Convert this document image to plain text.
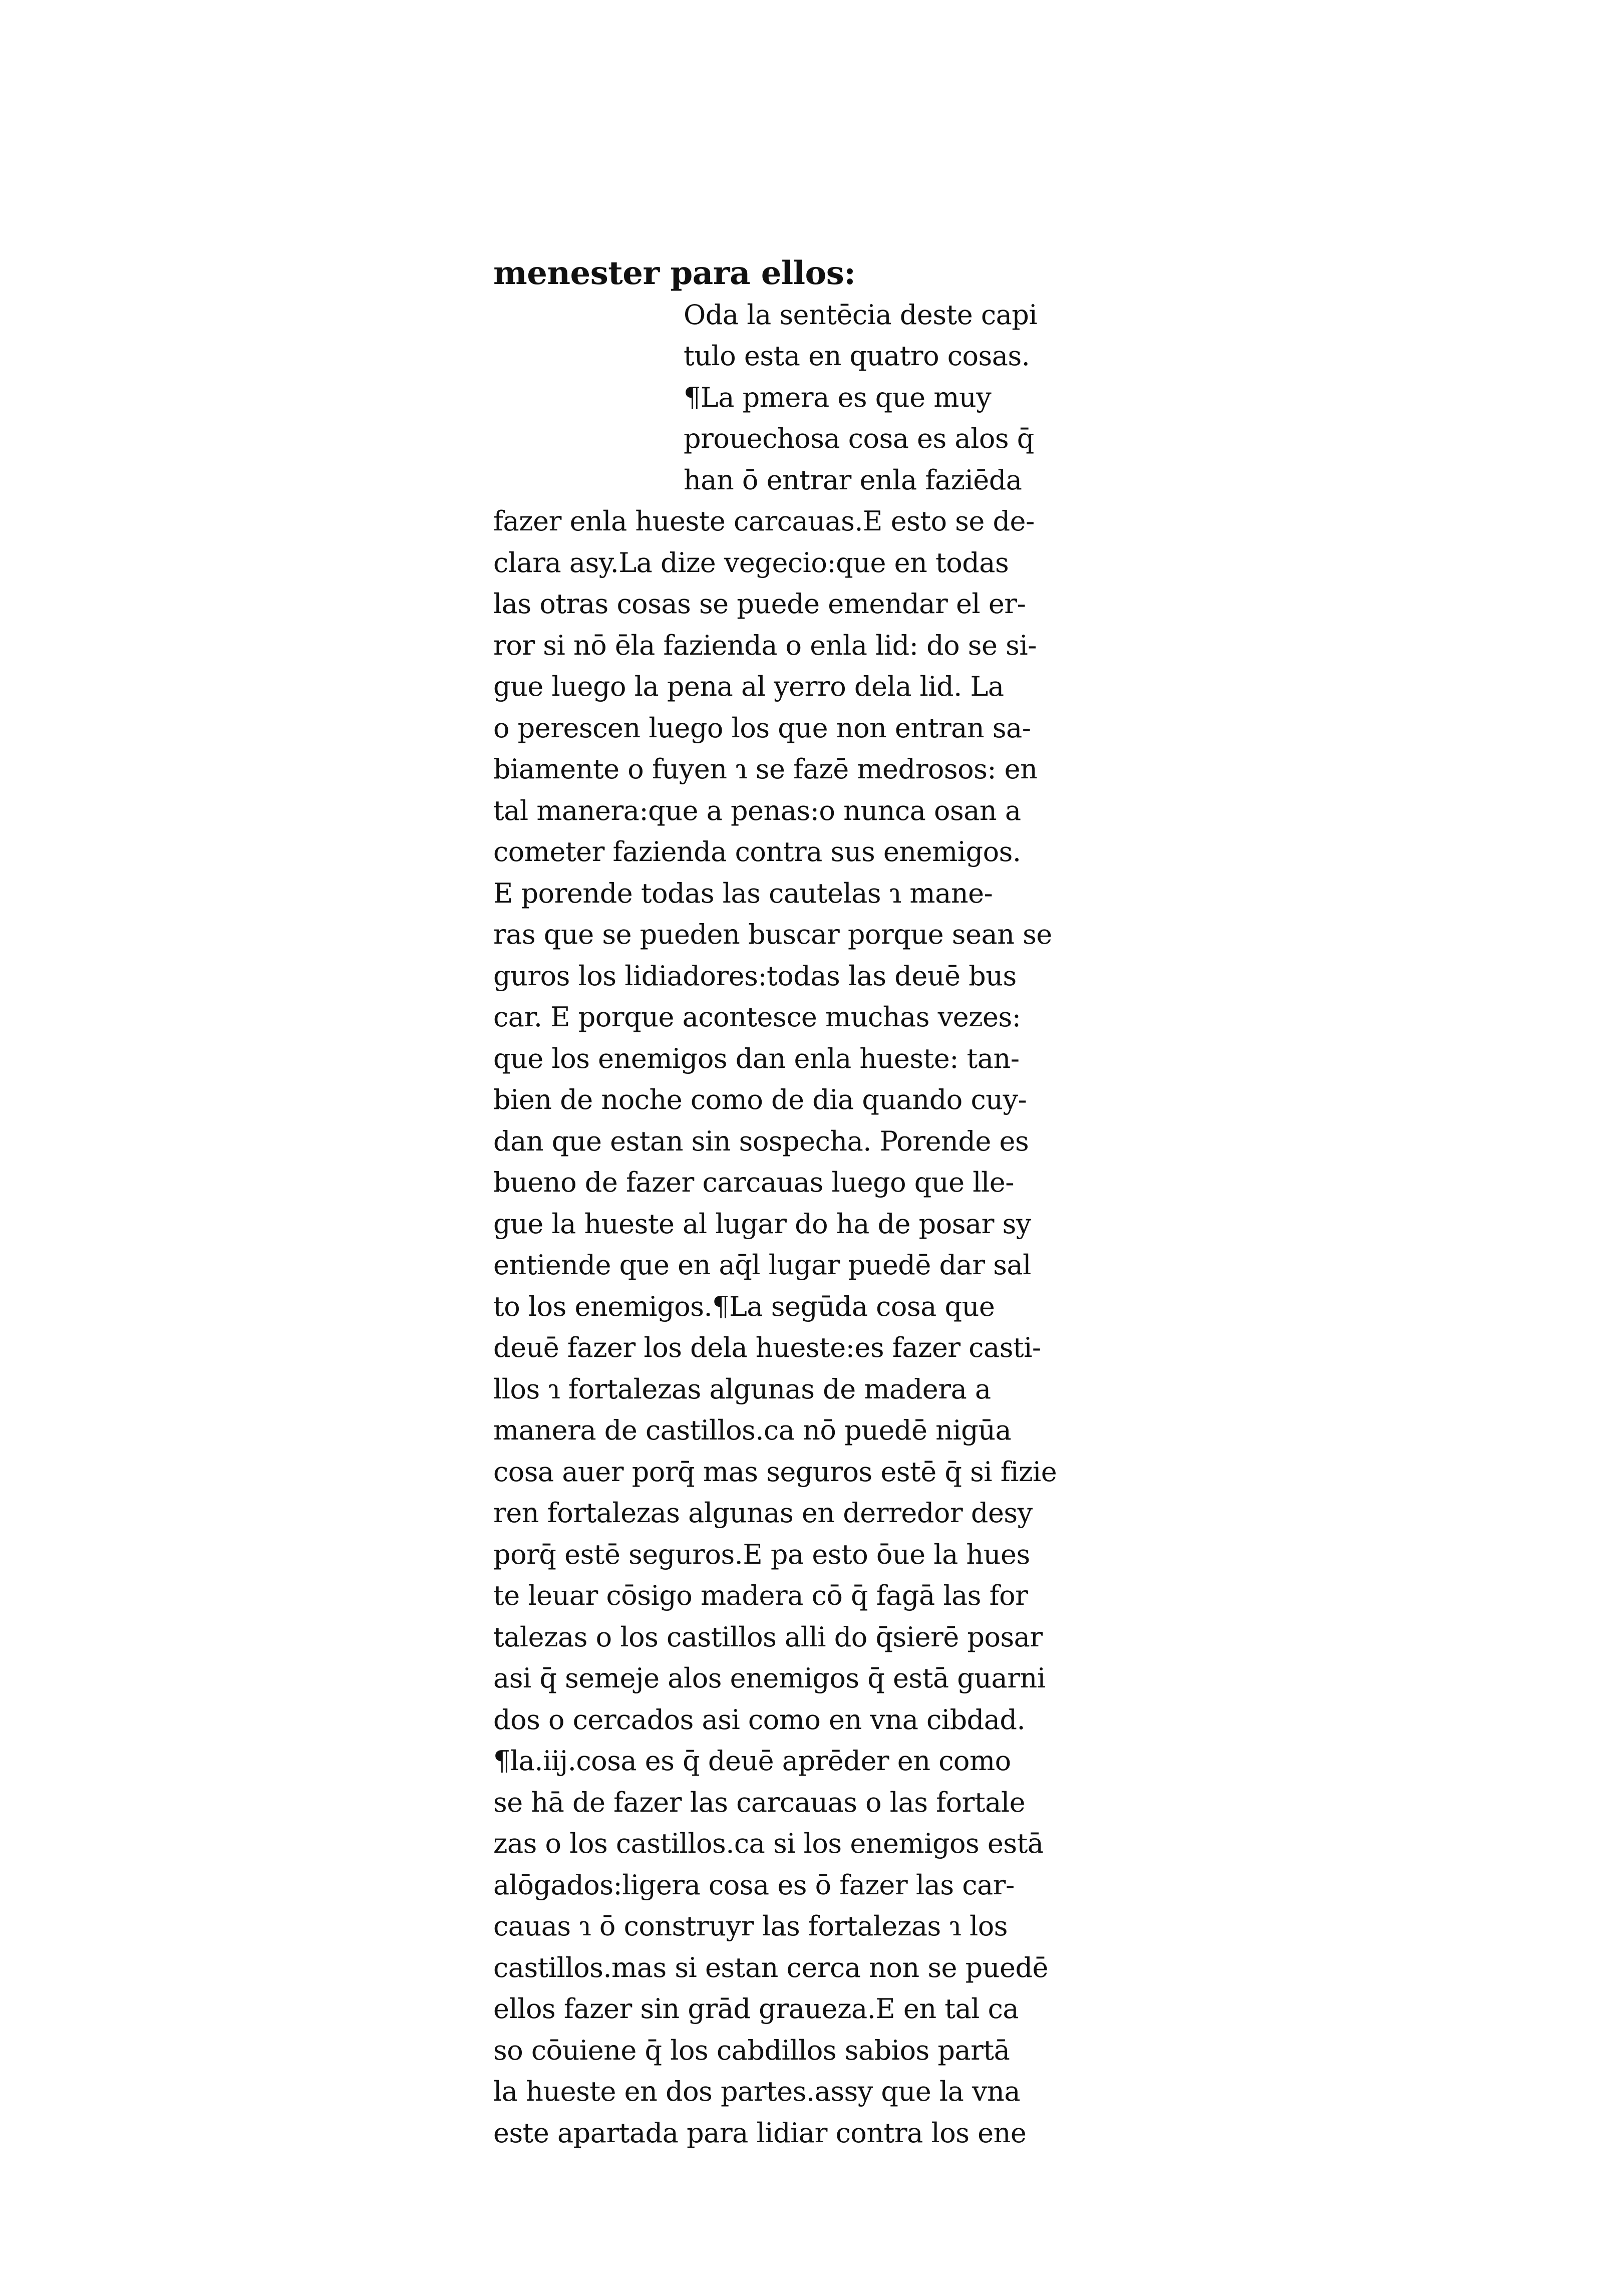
menester para ellos:
Oda la sentēcia deste capi
tulo esta en quatro cosas.
¶La pmera es que muy
prouechosa cosa es alos q̄
han ō entrar enla faziēda
fazer enla hueste carcauas.E esto se de-
clara asy.La dize vegecio:que en todas
las otras cosas se puede emendar el er-
ror si nō ēla fazienda o enla lid: do se si-
gue luego la pena al yerro dela lid. La
o perescen luego los que non entran sa-
biamente o fuyen ɿ se fazē medrosos: en
tal manera:que a penas:o nunca osan a
cometer fazienda contra sus enemigos.
E porende todas las cautelas ɿ mane-
ras que se pueden buscar porque sean se
guros los lidiadores:todas las deuē bus
car. E porque acontesce muchas vezes:
que los enemigos dan enla hueste: tan-
bien de noche como de dia quando cuy-
dan que estan sin sospecha. Porende es
bueno de fazer carcauas luego que lle-
gue la hueste al lugar do ha de posar sy
entiende que en aq̄l lugar puedē dar sal
to los enemigos.¶La segūda cosa que
deuē fazer los dela hueste:es fazer casti-
llos ɿ fortalezas algunas de madera a
manera de castillos.ca nō puedē nigūa
cosa auer porq̄ mas seguros estē q̄ si fizie
ren fortalezas algunas en derredor desy
porq̄ estē seguros.E pa esto ōue la hues
te leuar cōsigo madera cō q̄ fagā las for
talezas o los castillos alli do q̄sierē posar
asi q̄ semeje alos enemigos q̄ estā guarni
dos o cercados asi como en vna cibdad.
¶la.iij.cosa es q̄ deuē aprēder en como
se hā de fazer las carcauas o las fortale
zas o los castillos.ca si los enemigos estā
alōgados:ligera cosa es ō fazer las car-
cauas ɿ ō construyr las fortalezas ɿ los
castillos.mas si estan cerca non se puedē
ellos fazer sin grād graueza.E en tal ca
so cōuiene q̄ los cabdillos sabios partā
la hueste en dos partes.assy que la vna
este apartada para lidiar contra los ene
